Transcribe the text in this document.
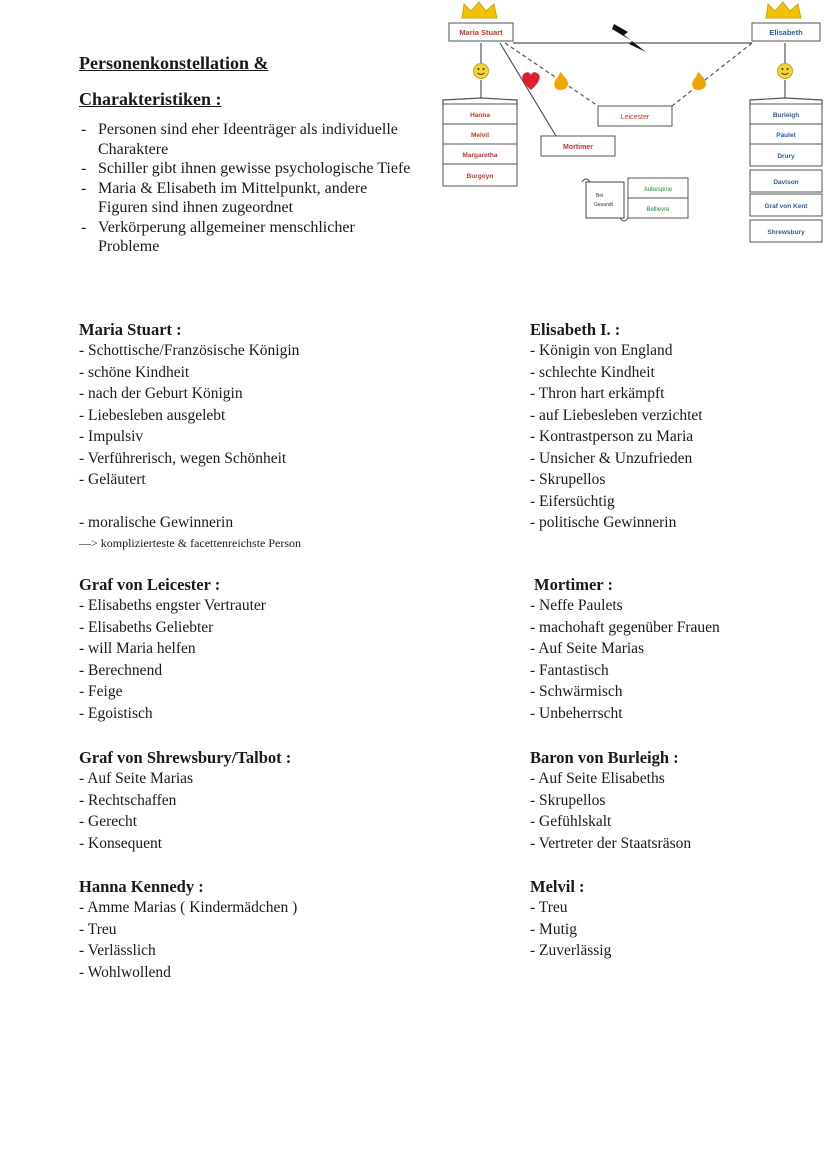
Personenkonstellation &
Charakteristiken :
- Personen sind eher Ideenträger als individuelle Charaktere
- Schiller gibt ihnen gewisse psychologische Tiefe
- Maria & Elisabeth im Mittelpunkt, andere Figuren sind ihnen zugeordnet
- Verkörperung allgemeiner menschlicher Probleme
Maria Stuart	Elisabeth
Leicester
Mortimer
Hanna
Melvil
Margaretha
Burgoyn
Burleigh
Paulet
Drury
Davison
Graf von Kent
Shrewsbury
Bei
Gesandt
Aubespine
Bellievre
Maria Stuart :
- Schottische/Französische Königin
- schöne Kindheit
- nach der Geburt Königin
- Liebesleben ausgelebt
- Impulsiv
- Verführerisch, wegen Schönheit
- Geläutert
- moralische Gewinnerin
—> komplizierteste & facettenreichste Person
Elisabeth I. :
- Königin von England
- schlechte Kindheit
- Thron hart erkämpft
- auf Liebesleben verzichtet
- Kontrastperson zu Maria
- Unsicher & Unzufrieden
- Skrupellos
- Eifersüchtig
- politische Gewinnerin
Graf von Leicester :
- Elisabeths engster Vertrauter
- Elisabeths Geliebter
- will Maria helfen
- Berechnend
- Feige
- Egoistisch
Mortimer :
- Neffe Paulets
- machohaft gegenüber Frauen
- Auf Seite Marias
- Fantastisch
- Schwärmisch
- Unbeherrscht
Graf von Shrewsbury/Talbot :
- Auf Seite Marias
- Rechtschaffen
- Gerecht
- Konsequent
Baron von Burleigh :
- Auf Seite Elisabeths
- Skrupellos
- Gefühlskalt
- Vertreter der Staatsräson
Hanna Kennedy :
- Amme Marias ( Kindermädchen )
- Treu
- Verlässlich
- Wohlwollend
Melvil :
- Treu
- Mutig
- Zuverlässig
